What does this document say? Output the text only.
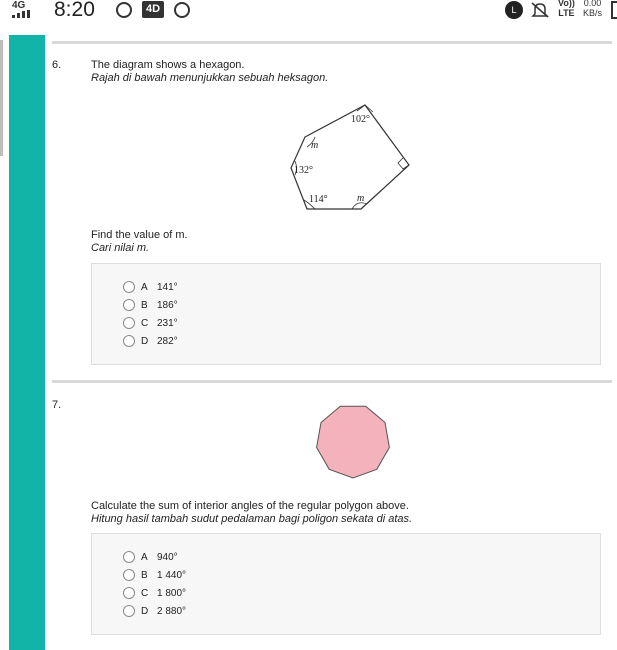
4G 8:20	4D	L
Vo))
LTE
0.00
KB/s
6.	The diagram shows a hexagon.
Rajah di bawah menunjukkan sebuah heksagon.
102°
m
132°
114°	m
Find the value of m.
Cari nilai m.
A 141°
B 186°
C 231°
D 282°
7.
Calculate the sum of interior angles of the regular polygon above.
Hitung hasil tambah sudut pedalaman bagi poligon sekata di atas.
A 940°
B 1 440°
C 1 800°
D 2 880°
